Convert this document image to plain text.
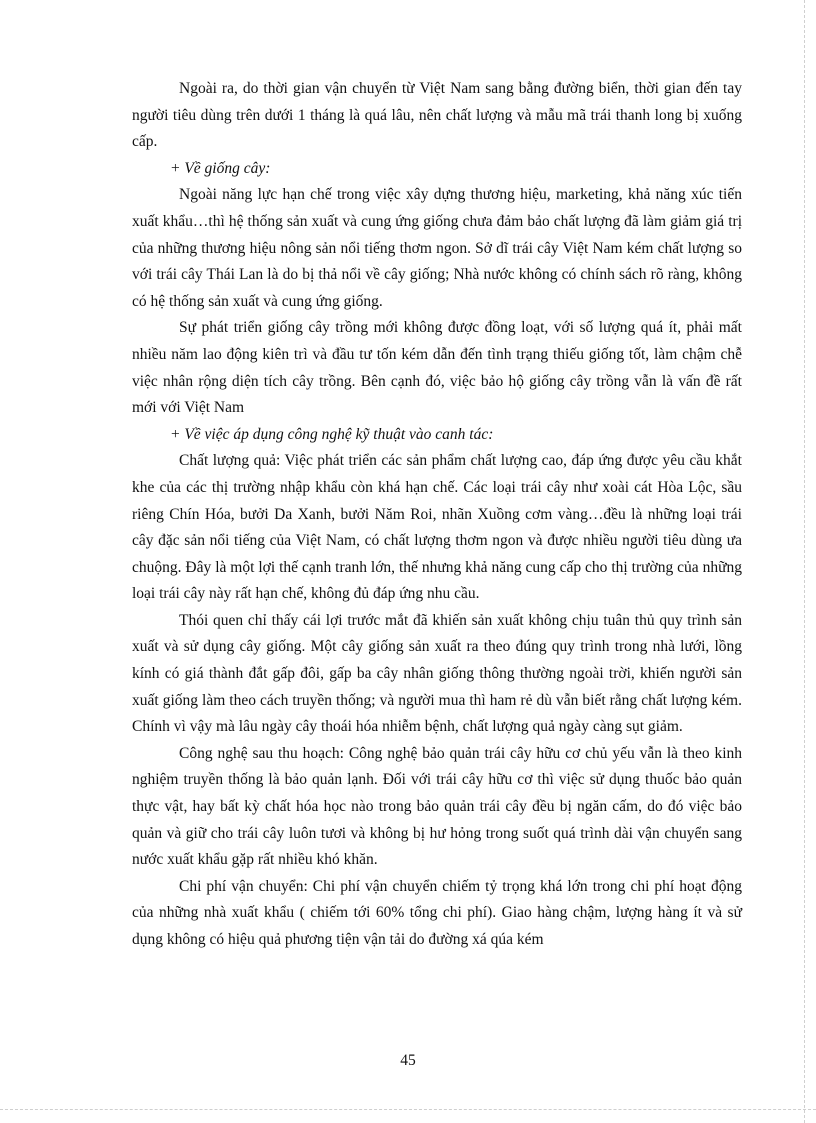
Ngoài ra, do thời gian vận chuyển từ Việt Nam sang bằng đường biển, thời gian đến tay người tiêu dùng trên dưới 1 tháng là quá lâu, nên chất lượng và mẫu mã trái thanh long bị xuống cấp.

+ Về giống cây:

Ngoài năng lực hạn chế trong việc xây dựng thương hiệu, marketing, khả năng xúc tiến xuất khẩu…thì hệ thống sản xuất và cung ứng giống chưa đảm bảo chất lượng đã làm giảm giá trị của những thương hiệu nông sản nổi tiếng thơm ngon. Sở dĩ trái cây Việt Nam kém chất lượng so với trái cây Thái Lan là do bị thả nổi về cây giống; Nhà nước không có chính sách rõ ràng, không có hệ thống sản xuất và cung ứng giống.

Sự phát triển giống cây trồng mới không được đồng loạt, với số lượng quá ít, phải mất nhiều năm lao động kiên trì và đầu tư tốn kém dẫn đến tình trạng thiếu giống tốt, làm chậm chễ việc nhân rộng diện tích cây trồng. Bên cạnh đó, việc bảo hộ giống cây trồng vẫn là vấn đề rất mới với Việt Nam

+ Về việc áp dụng công nghệ kỹ thuật vào canh tác:

Chất lượng quả: Việc phát triển các sản phẩm chất lượng cao, đáp ứng được yêu cầu khắt khe của các thị trường nhập khẩu còn khá hạn chế. Các loại trái cây như xoài cát Hòa Lộc, sầu riêng Chín Hóa, bưởi Da Xanh, bưởi Năm Roi, nhãn Xuồng cơm vàng…đều là những loại trái cây đặc sản nổi tiếng của Việt Nam, có chất lượng thơm ngon và được nhiều người tiêu dùng ưa chuộng. Đây là một lợi thế cạnh tranh lớn, thế nhưng khả năng cung cấp cho thị trường của những loại trái cây này rất hạn chế, không đủ đáp ứng nhu cầu.

Thói quen chỉ thấy cái lợi trước mắt đã khiến sản xuất không chịu tuân thủ quy trình sản xuất và sử dụng cây giống. Một cây giống sản xuất ra theo đúng quy trình trong nhà lưới, lồng kính có giá thành đắt gấp đôi, gấp ba cây nhân giống thông thường ngoài trời, khiến người sản xuất giống làm theo cách truyền thống; và người mua thì ham rẻ dù vẫn biết rằng chất lượng kém. Chính vì vậy mà lâu ngày cây thoái hóa nhiễm bệnh, chất lượng quả ngày càng sụt giảm.

Công nghệ sau thu hoạch: Công nghệ bảo quản trái cây hữu cơ chủ yếu vẫn là theo kinh nghiệm truyền thống là bảo quản lạnh. Đối với trái cây hữu cơ thì việc sử dụng thuốc bảo quản thực vật, hay bất kỳ chất hóa học nào trong bảo quản trái cây đều bị ngăn cấm, do đó việc bảo quản và giữ cho trái cây luôn tươi và không bị hư hỏng trong suốt quá trình dài vận chuyển sang nước xuất khẩu gặp rất nhiều khó khăn.

Chi phí vận chuyển: Chi phí vận chuyển chiếm tỷ trọng khá lớn trong chi phí hoạt động của những nhà xuất khẩu ( chiếm tới 60% tổng chi phí). Giao hàng chậm, lượng hàng ít và sử dụng không có hiệu quả phương tiện vận tải do đường xá qúa kém

45
